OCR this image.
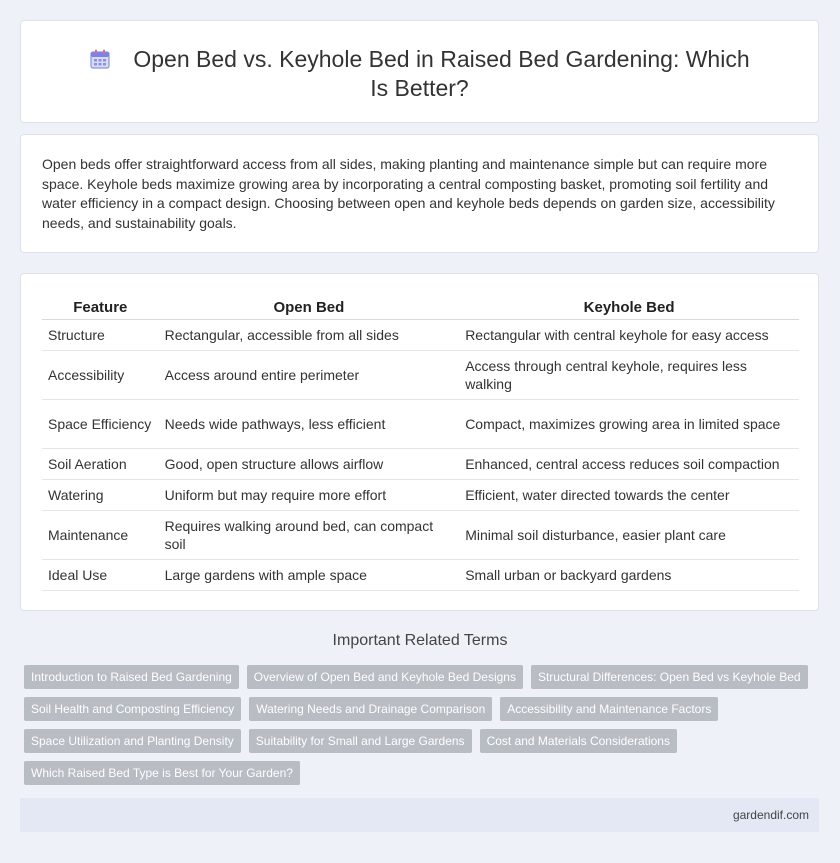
Open Bed vs. Keyhole Bed in Raised Bed Gardening: Which Is Better?
Open beds offer straightforward access from all sides, making planting and maintenance simple but can require more space. Keyhole beds maximize growing area by incorporating a central composting basket, promoting soil fertility and water efficiency in a compact design. Choosing between open and keyhole beds depends on garden size, accessibility needs, and sustainability goals.
Feature	Open Bed	Keyhole Bed
Structure	Rectangular, accessible from all sides	Rectangular with central keyhole for easy access
Accessibility	Access around entire perimeter	Access through central keyhole, requires less walking
Space Efficiency	Needs wide pathways, less efficient	Compact, maximizes growing area in limited space
Soil Aeration	Good, open structure allows airflow	Enhanced, central access reduces soil compaction
Watering	Uniform but may require more effort	Efficient, water directed towards the center
Maintenance	Requires walking around bed, can compact soil	Minimal soil disturbance, easier plant care
Ideal Use	Large gardens with ample space	Small urban or backyard gardens
Important Related Terms
Introduction to Raised Bed Gardening	Overview of Open Bed and Keyhole Bed Designs	Structural Differences: Open Bed vs Keyhole Bed
Soil Health and Composting Efficiency	Watering Needs and Drainage Comparison	Accessibility and Maintenance Factors
Space Utilization and Planting Density	Suitability for Small and Large Gardens	Cost and Materials Considerations
Which Raised Bed Type is Best for Your Garden?
gardendif.com
